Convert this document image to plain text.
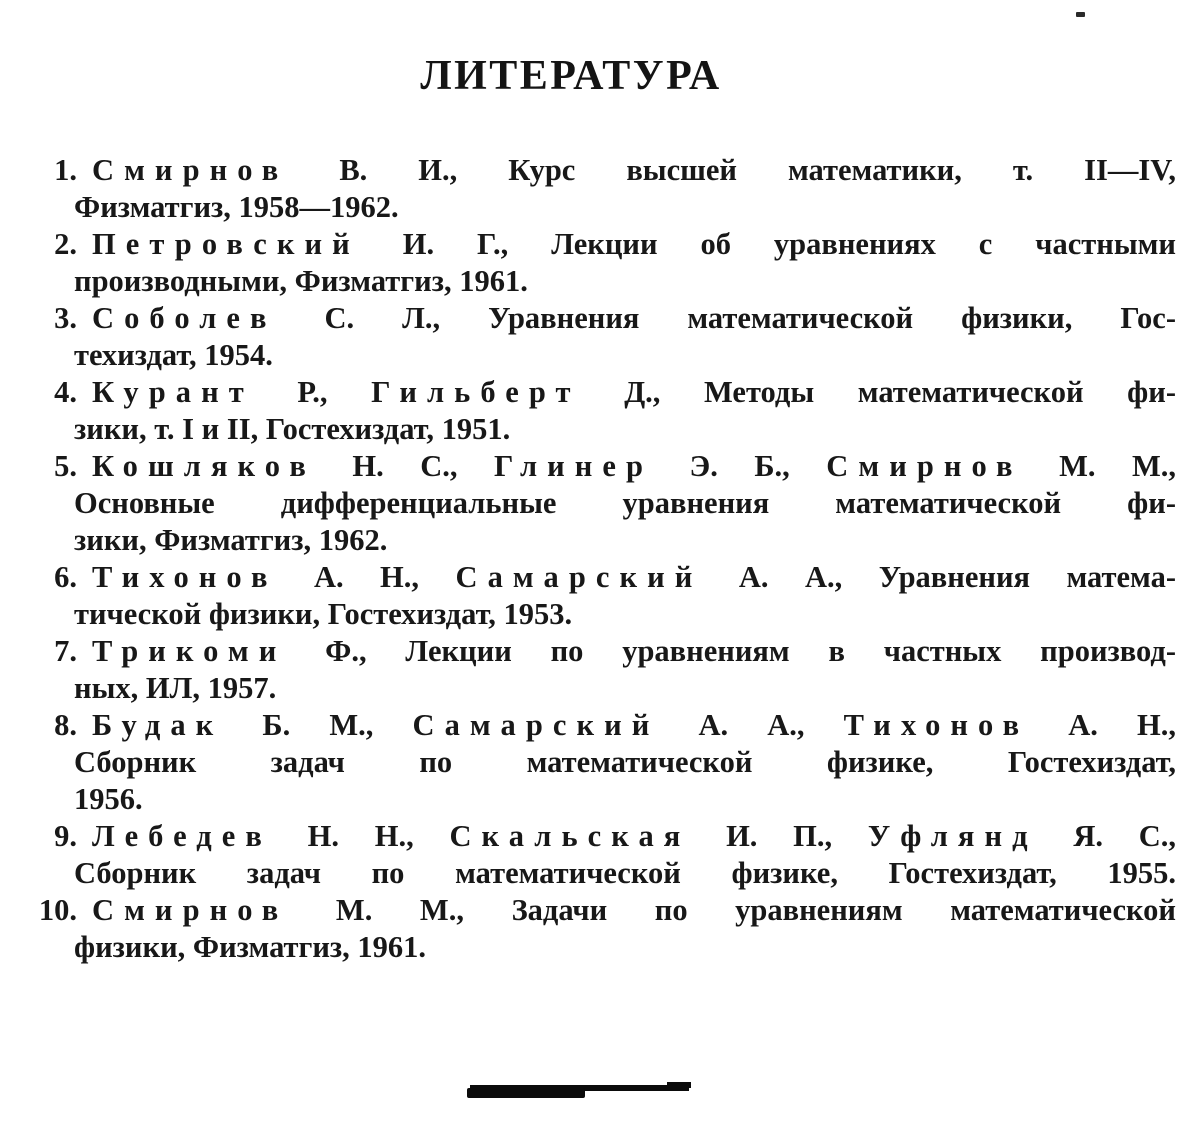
ЛИТЕРАТУРА
1. Смирнов В. И., Курс высшей математики, т. II—IV,
Физматгиз, 1958—1962.
2. Петровский И. Г., Лекции об уравнениях с частными
производными, Физматгиз, 1961.
3. Соболев С. Л., Уравнения математической физики, Гос-
техиздат, 1954.
4. Курант Р., Гильберт Д., Методы математической фи-
зики, т. I и II, Гостехиздат, 1951.
5. Кошляков Н. С., Глинер Э. Б., Смирнов М. М.,
Основные дифференциальные уравнения математической фи-
зики, Физматгиз, 1962.
6. Тихонов А. Н., Самарский А. А., Уравнения матема-
тической физики, Гостехиздат, 1953.
7. Трикоми Ф., Лекции по уравнениям в частных производ-
ных, ИЛ, 1957.
8. Будак Б. М., Самарский А. А., Тихонов А. Н.,
Сборник задач по математической физике, Гостехиздат,
1956.
9. Лебедев Н. Н., Скальская И. П., Уфлянд Я. С.,
Сборник задач по математической физике, Гостехиздат, 1955.
10. Смирнов М. М., Задачи по уравнениям математической
физики, Физматгиз, 1961.
